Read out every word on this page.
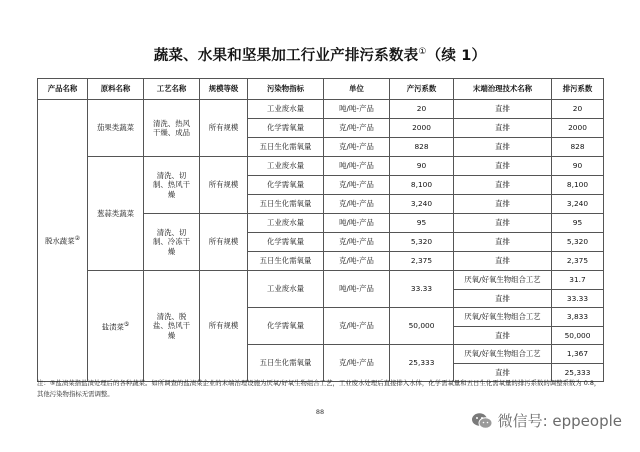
蔬菜、水果和坚果加工行业产排污系数表①（续 1）
产品名称	原料名称	工艺名称	规模等级	污染物指标	单位	产污系数	末端治理技术名称	排污系数
脱水蔬菜②	茄果类蔬菜	清洗、热风干燥、成品	所有规模	工业废水量	吨/吨-产品	20	直排	20
				化学需氧量	克/吨-产品	2000	直排	2000
				五日生化需氧量	克/吨-产品	828	直排	828
	葱蒜类蔬菜	清洗、切制、热风干燥	所有规模	工业废水量	吨/吨-产品	90	直排	90
				化学需氧量	克/吨-产品	8,100	直排	8,100
				五日生化需氧量	克/吨-产品	3,240	直排	3,240
		清洗、切制、冷冻干燥	所有规模	工业废水量	吨/吨-产品	95	直排	95
				化学需氧量	克/吨-产品	5,320	直排	5,320
				五日生化需氧量	克/吨-产品	2,375	直排	2,375
	盐渍菜⑤	清洗、脱盐、热风干燥	所有规模	工业废水量	吨/吨-产品	33.33	厌氧/好氧生物组合工艺	31.7
							直排	33.33
				化学需氧量	克/吨-产品	50,000	厌氧/好氧生物组合工艺	3,833
							直排	50,000
				五日生化需氧量	克/吨-产品	25,333	厌氧/好氧生物组合工艺	1,367
							直排	25,333
注：⑤盐渍菜指盐渍处理后的各种蔬菜。如所调查的盐渍菜企业的末端治理设施为厌氧/好氧生物组合工艺，工业废水处理后直接排入水体，化学需氧量和五日生化需氧量的排污系数的调整系数为 0.8，其他污染物指标无需调整。
88	微信号: eppeople
